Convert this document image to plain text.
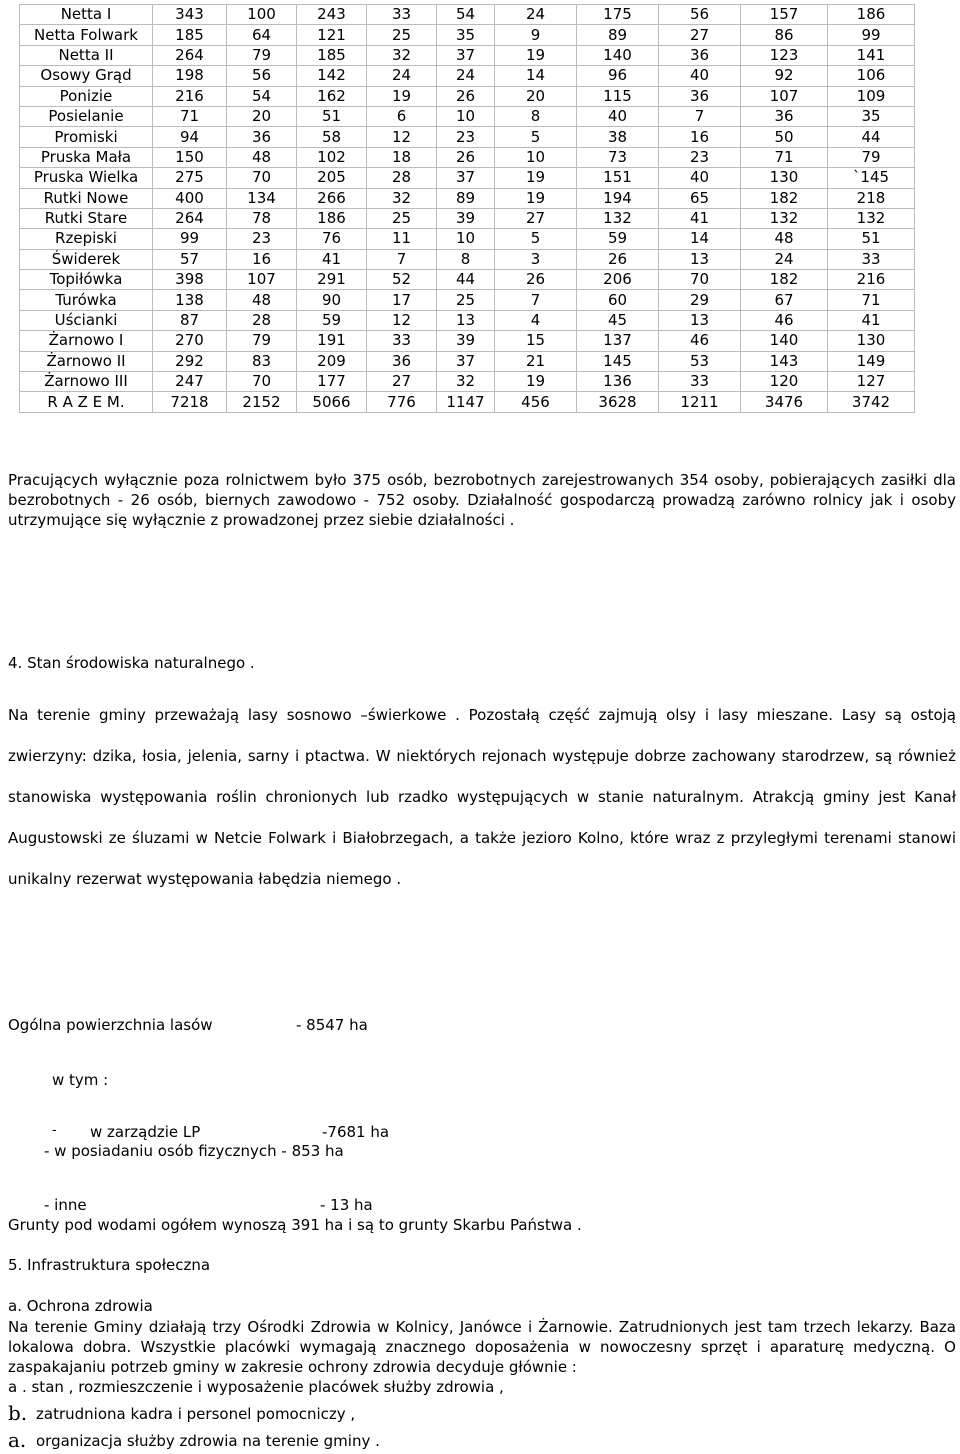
Netta I	343	100	243	33	54	24	175	56	157	186
Netta Folwark	185	64	121	25	35	9	89	27	86	99
Netta II	264	79	185	32	37	19	140	36	123	141
Osowy Grąd	198	56	142	24	24	14	96	40	92	106
Ponizie	216	54	162	19	26	20	115	36	107	109
Posielanie	71	20	51	6	10	8	40	7	36	35
Promiski	94	36	58	12	23	5	38	16	50	44
Pruska Mała	150	48	102	18	26	10	73	23	71	79
Pruska Wielka	275	70	205	28	37	19	151	40	130	`145
Rutki Nowe	400	134	266	32	89	19	194	65	182	218
Rutki Stare	264	78	186	25	39	27	132	41	132	132
Rzepiski	99	23	76	11	10	5	59	14	48	51
Świderek	57	16	41	7	8	3	26	13	24	33
Topiłówka	398	107	291	52	44	26	206	70	182	216
Turówka	138	48	90	17	25	7	60	29	67	71
Uścianki	87	28	59	12	13	4	45	13	46	41
Żarnowo I	270	79	191	33	39	15	137	46	140	130
Żarnowo II	292	83	209	36	37	21	145	53	143	149
Żarnowo III	247	70	177	27	32	19	136	33	120	127
R A Z E M.	7218	2152	5066	776	1147	456	3628	1211	3476	3742
Pracujących wyłącznie poza rolnictwem było 375 osób, bezrobotnych zarejestrowanych 354 osoby, pobierających zasiłki dla bezrobotnych - 26 osób, biernych zawodowo - 752 osoby. Działalność gospodarczą prowadzą zarówno rolnicy jak i osoby utrzymujące się wyłącznie z prowadzonej przez siebie działalności .
4. Stan środowiska naturalnego .
Na terenie gminy przeważają lasy sosnowo –świerkowe . Pozostałą część zajmują olsy i lasy mieszane. Lasy są ostoją
zwierzyny: dzika, łosia, jelenia, sarny i ptactwa. W niektórych rejonach występuje dobrze zachowany starodrzew, są również
stanowiska występowania roślin chronionych lub rzadko występujących w stanie naturalnym. Atrakcją gminy jest Kanał
Augustowski ze śluzami w Netcie Folwark i Białobrzegach, a także jezioro Kolno, które wraz z przyległymi terenami stanowi
unikalny rezerwat występowania łabędzia niemego .
Ogólna powierzchnia lasów	- 8547 ha
w tym :
- w zarządzie LP	-7681 ha
- w posiadaniu osób fizycznych - 853 ha
- inne	- 13 ha
Grunty pod wodami ogółem wynoszą 391 ha i są to grunty Skarbu Państwa .
5. Infrastruktura społeczna
a. Ochrona zdrowia
Na terenie Gminy działają trzy Ośrodki Zdrowia w Kolnicy, Janówce i Żarnowie. Zatrudnionych jest tam trzech lekarzy. Baza lokalowa dobra. Wszystkie placówki wymagają znacznego doposażenia w nowoczesny sprzęt i aparaturę medyczną. O zaspakajaniu potrzeb gminy w zakresie ochrony zdrowia decyduje głównie :
a . stan , rozmieszczenie i wyposażenie placówek służby zdrowia ,
b. zatrudniona kadra i personel pomocniczy ,
a. organizacja służby zdrowia na terenie gminy .
